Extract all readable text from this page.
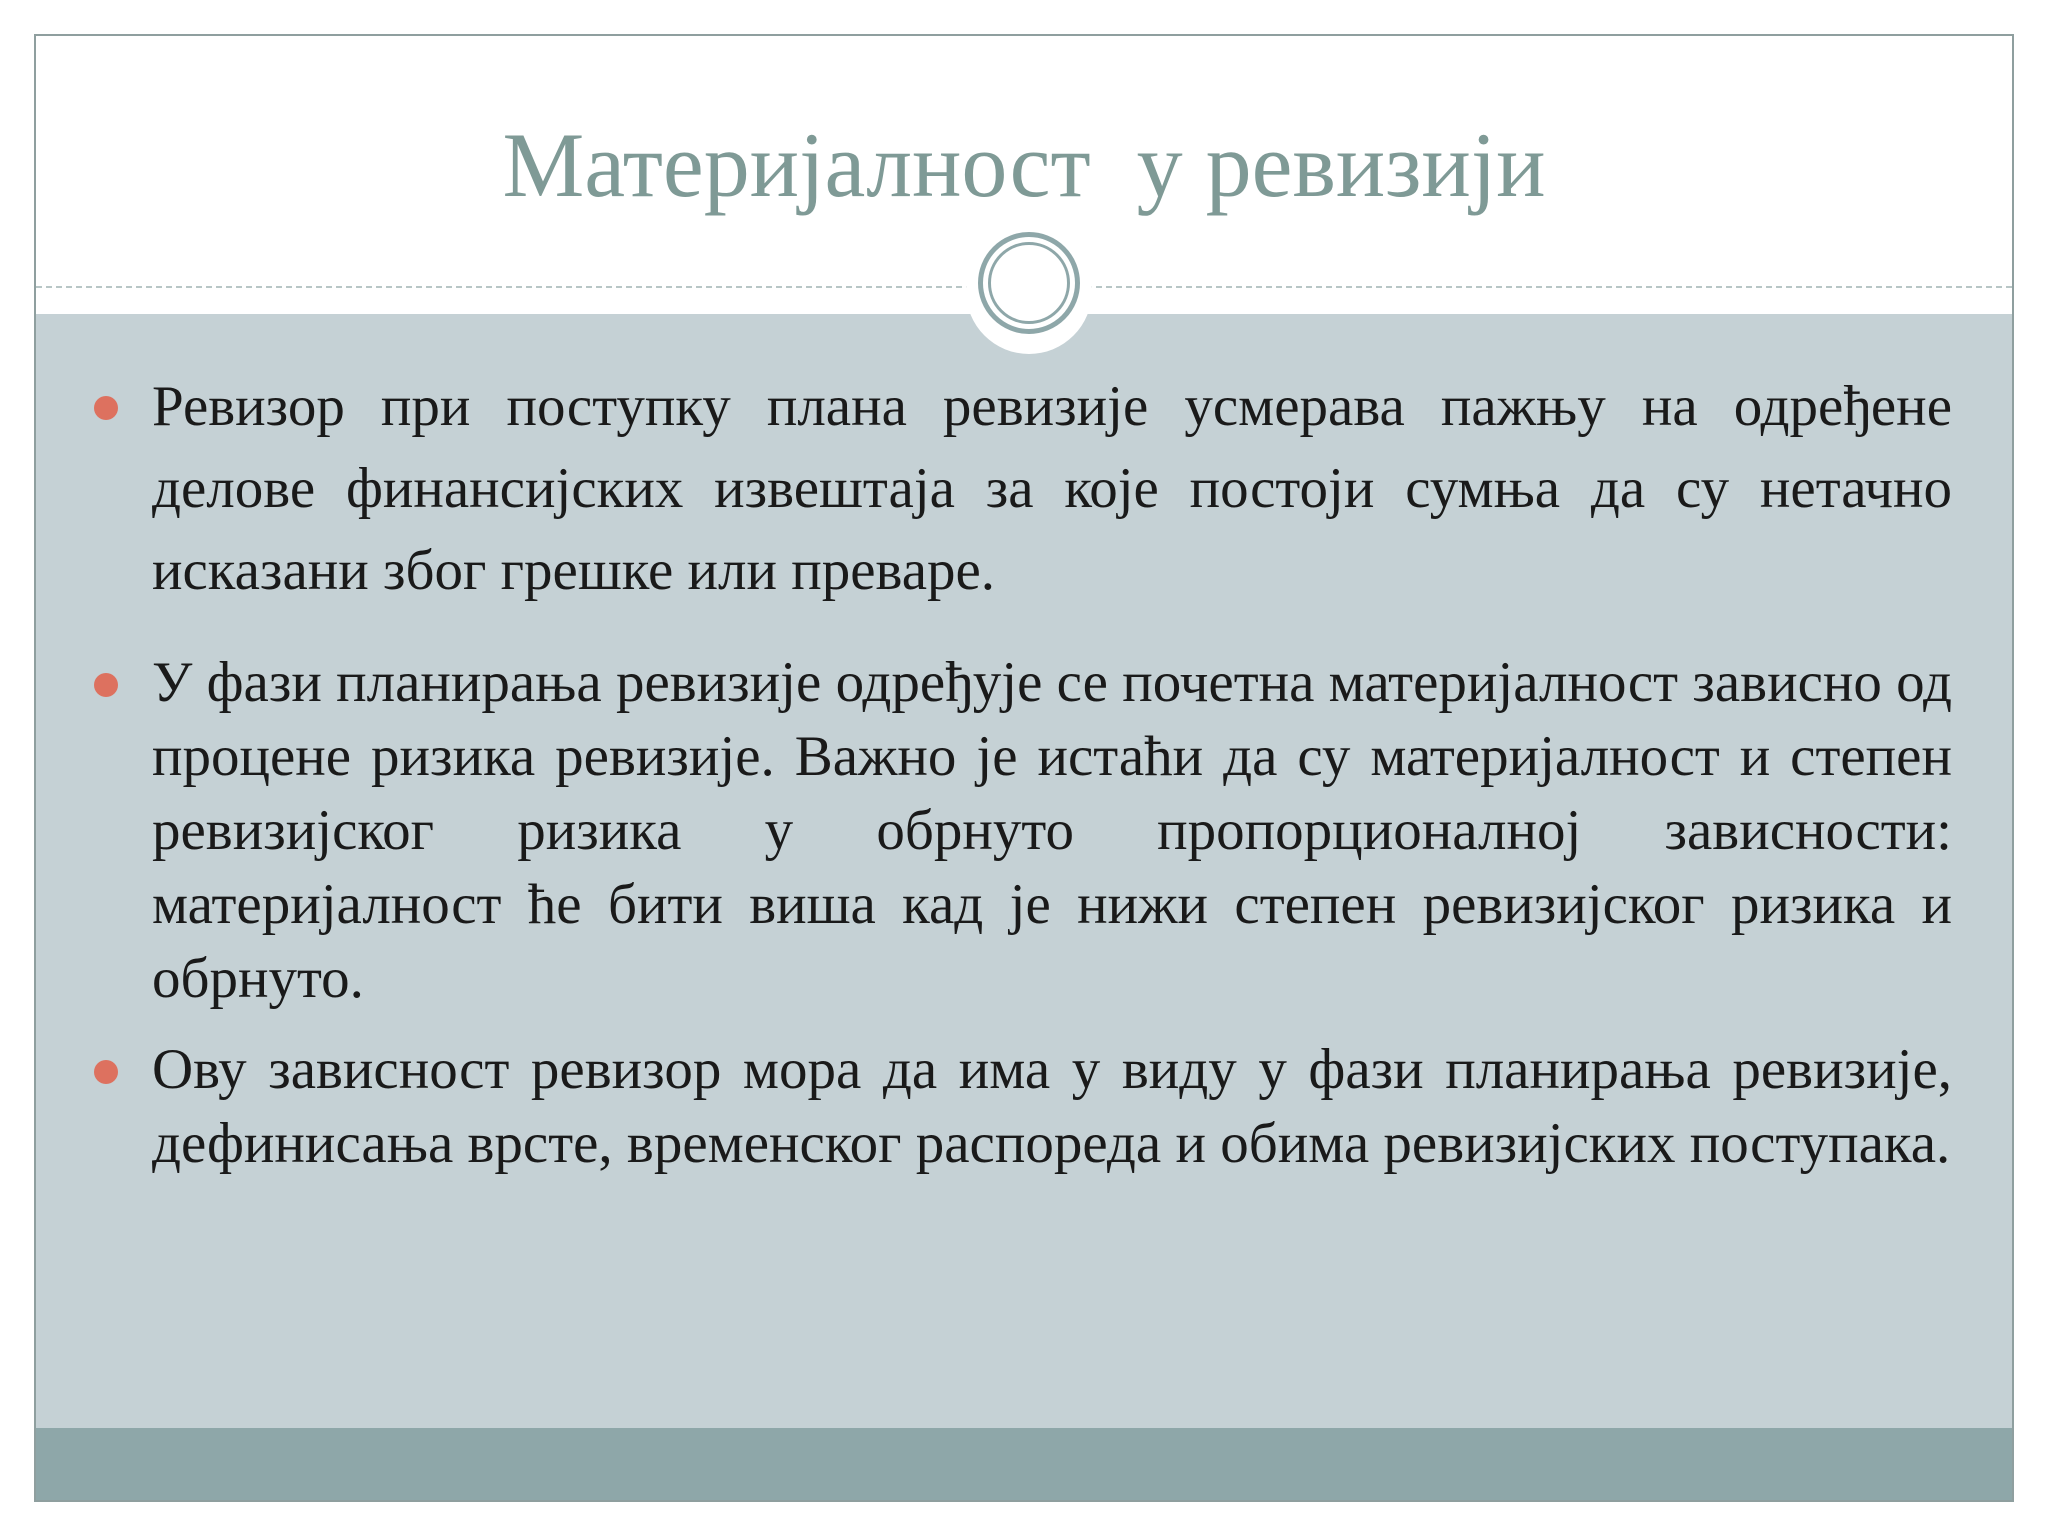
Материјалност  у ревизији
Ревизор при поступку плана ревизије усмерава пажњу на одређене делове финансијских извештаја за које постоји сумња да су нетачно исказани због грешке или преваре.
У фази планирања ревизије одређује се почетна материјалност зависно од процене ризика ревизије. Важно је истаћи да су материјалност и степен ревизијског ризика у обрнуто пропорционалној зависности: материјалност ће бити виша кад је нижи степен ревизијског ризика и обрнуто.
Ову зависност ревизор мора да има у виду у фази планирања ревизије, дефинисања врсте, временског распореда и обима ревизијских поступака.
